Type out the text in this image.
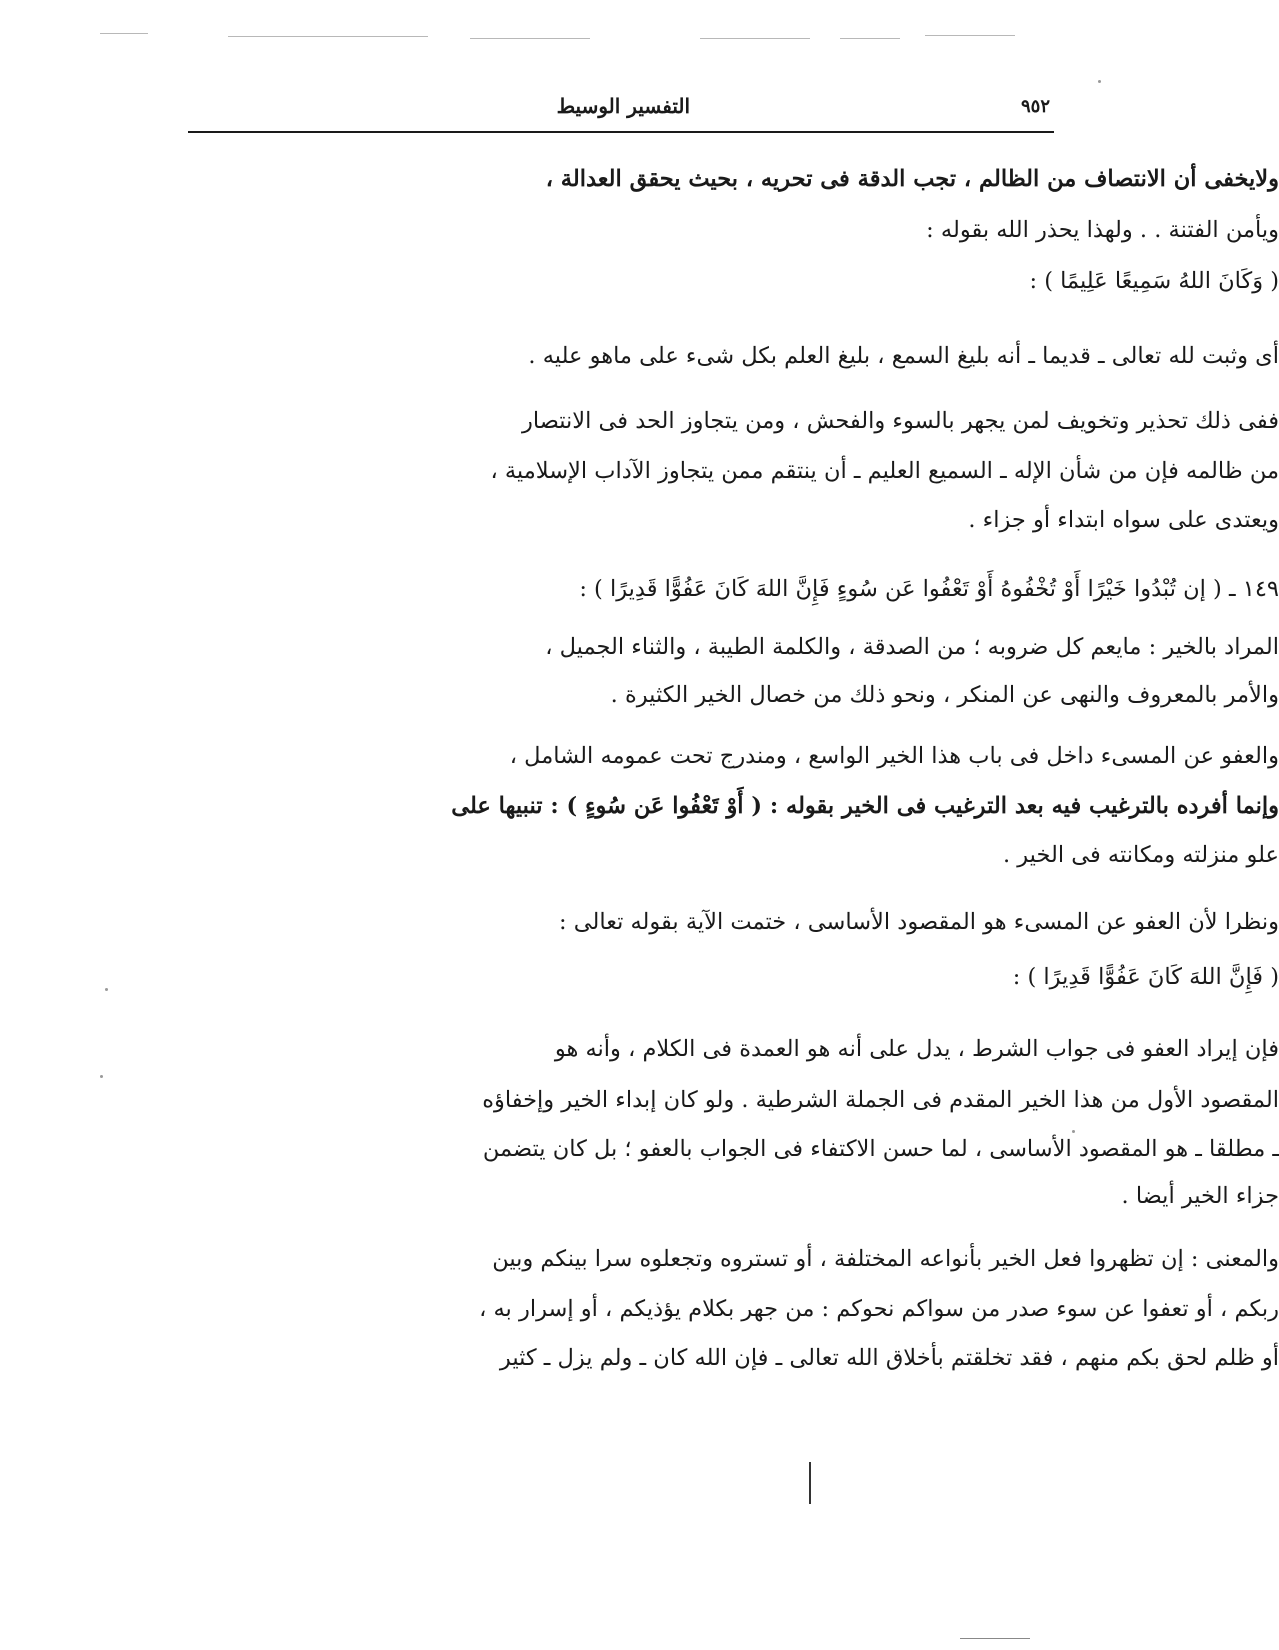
التفسير الوسيط	٩٥٢
ولايخفى أن الانتصاف من الظالم ، تجب الدقة فى تحريه ، بحيث يحقق العدالة ،
ويأمن الفتنة . . ولهذا يحذر الله بقوله :
( وَكَانَ اللهُ سَمِيعًا عَلِيمًا ) :
أى وثبت لله تعالى ـ قديما ـ أنه بليغ السمع ، بليغ العلم بكل شىء على ماهو عليه .
ففى ذلك تحذير وتخويف لمن يجهر بالسوء والفحش ، ومن يتجاوز الحد فى الانتصار
من ظالمه فإن من شأن الإله ـ السميع العليم ـ أن ينتقم ممن يتجاوز الآداب الإسلامية ،
ويعتدى على سواه ابتداء أو جزاء .
١٤٩ ـ ( إن تُبْدُوا خَيْرًا أَوْ تُخْفُوهُ أَوْ تَعْفُوا عَن سُوءٍ فَإِنَّ اللهَ كَانَ عَفُوًّا قَدِيرًا ) :
المراد بالخير : مايعم كل ضروبه ؛ من الصدقة ، والكلمة الطيبة ، والثناء الجميل ،
والأمر بالمعروف والنهى عن المنكر ، ونحو ذلك من خصال الخير الكثيرة .
والعفو عن المسىء داخل فى باب هذا الخير الواسع ، ومندرج تحت عمومه الشامل ،
وإنما أفرده بالترغيب فيه بعد الترغيب فى الخير بقوله : ( أَوْ تَعْفُوا عَن سُوءٍ ) : تنبيها على
علو منزلته ومكانته فى الخير .
ونظرا لأن العفو عن المسىء هو المقصود الأساسى ، ختمت الآية بقوله تعالى :
( فَإِنَّ اللهَ كَانَ عَفُوًّا قَدِيرًا ) :
فإن إيراد العفو فى جواب الشرط ، يدل على أنه هو العمدة فى الكلام ، وأنه هو
المقصود الأول من هذا الخير المقدم فى الجملة الشرطية . ولو كان إبداء الخير وإخفاؤه
ـ مطلقا ـ هو المقصود الأساسى ، لما حسن الاكتفاء فى الجواب بالعفو ؛ بل كان يتضمن
جزاء الخير أيضا .
والمعنى : إن تظهروا فعل الخير بأنواعه المختلفة ، أو تستروه وتجعلوه سرا بينكم وبين
ربكم ، أو تعفوا عن سوء صدر من سواكم نحوكم : من جهر بكلام يؤذيكم ، أو إسرار به ،
أو ظلم لحق بكم منهم ، فقد تخلقتم بأخلاق الله تعالى ـ فإن الله كان ـ ولم يزل ـ كثير
